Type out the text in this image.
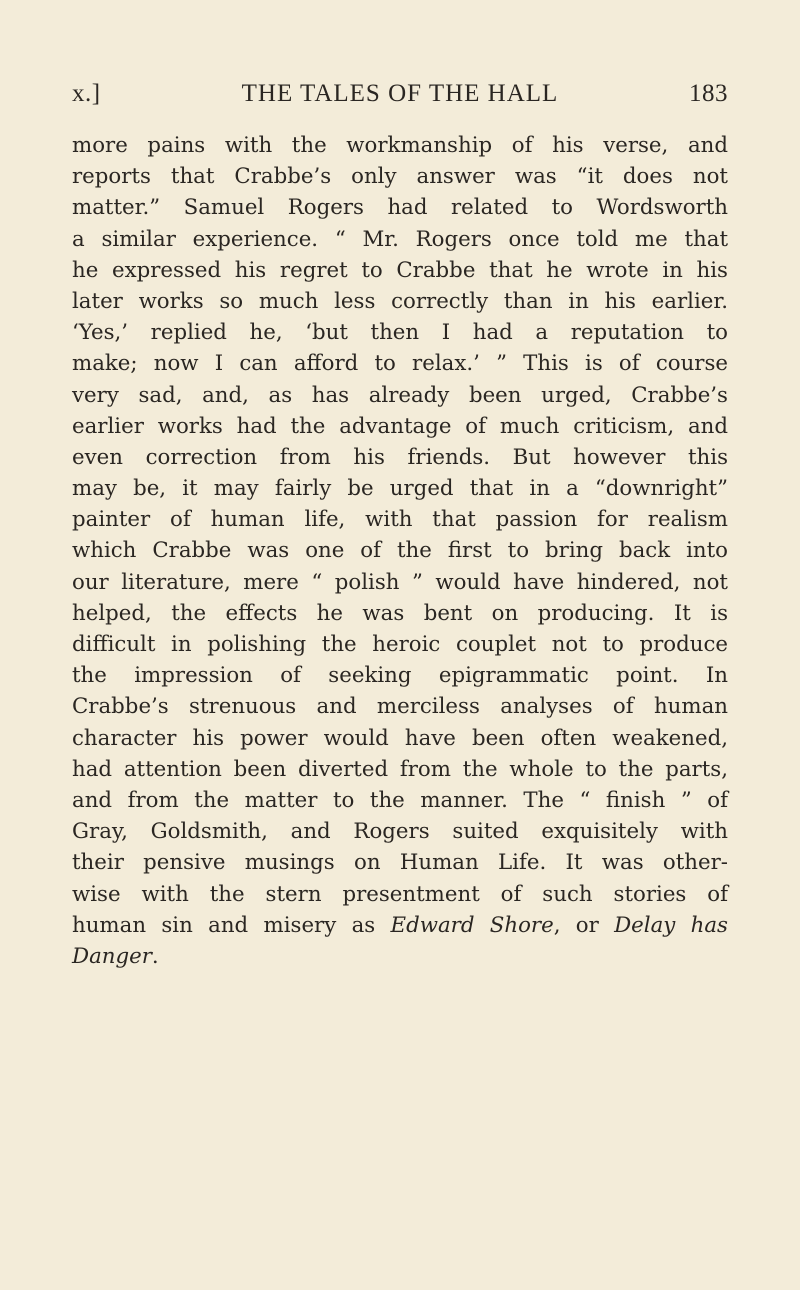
x.]	THE TALES OF THE HALL	183
more pains with the workmanship of his verse, and
reports that Crabbe’s only answer was “it does not
matter.” Samuel Rogers had related to Wordsworth
a similar experience. “ Mr. Rogers once told me that
he expressed his regret to Crabbe that he wrote in his
later works so much less correctly than in his earlier.
‘Yes,’ replied he, ‘but then I had a reputation to
make; now I can afford to relax.’ ” This is of course
very sad, and, as has already been urged, Crabbe’s
earlier works had the advantage of much criticism, and
even correction from his friends. But however this
may be, it may fairly be urged that in a “downright”
painter of human life, with that passion for realism
which Crabbe was one of the first to bring back into
our literature, mere “ polish ” would have hindered, not
helped, the effects he was bent on producing. It is
difficult in polishing the heroic couplet not to produce
the impression of seeking epigrammatic point. In
Crabbe’s strenuous and merciless analyses of human
character his power would have been often weakened,
had attention been diverted from the whole to the parts,
and from the matter to the manner. The “ finish ” of
Gray, Goldsmith, and Rogers suited exquisitely with
their pensive musings on Human Life. It was other-
wise with the stern presentment of such stories of
human sin and misery as Edward Shore, or Delay has
Danger.
